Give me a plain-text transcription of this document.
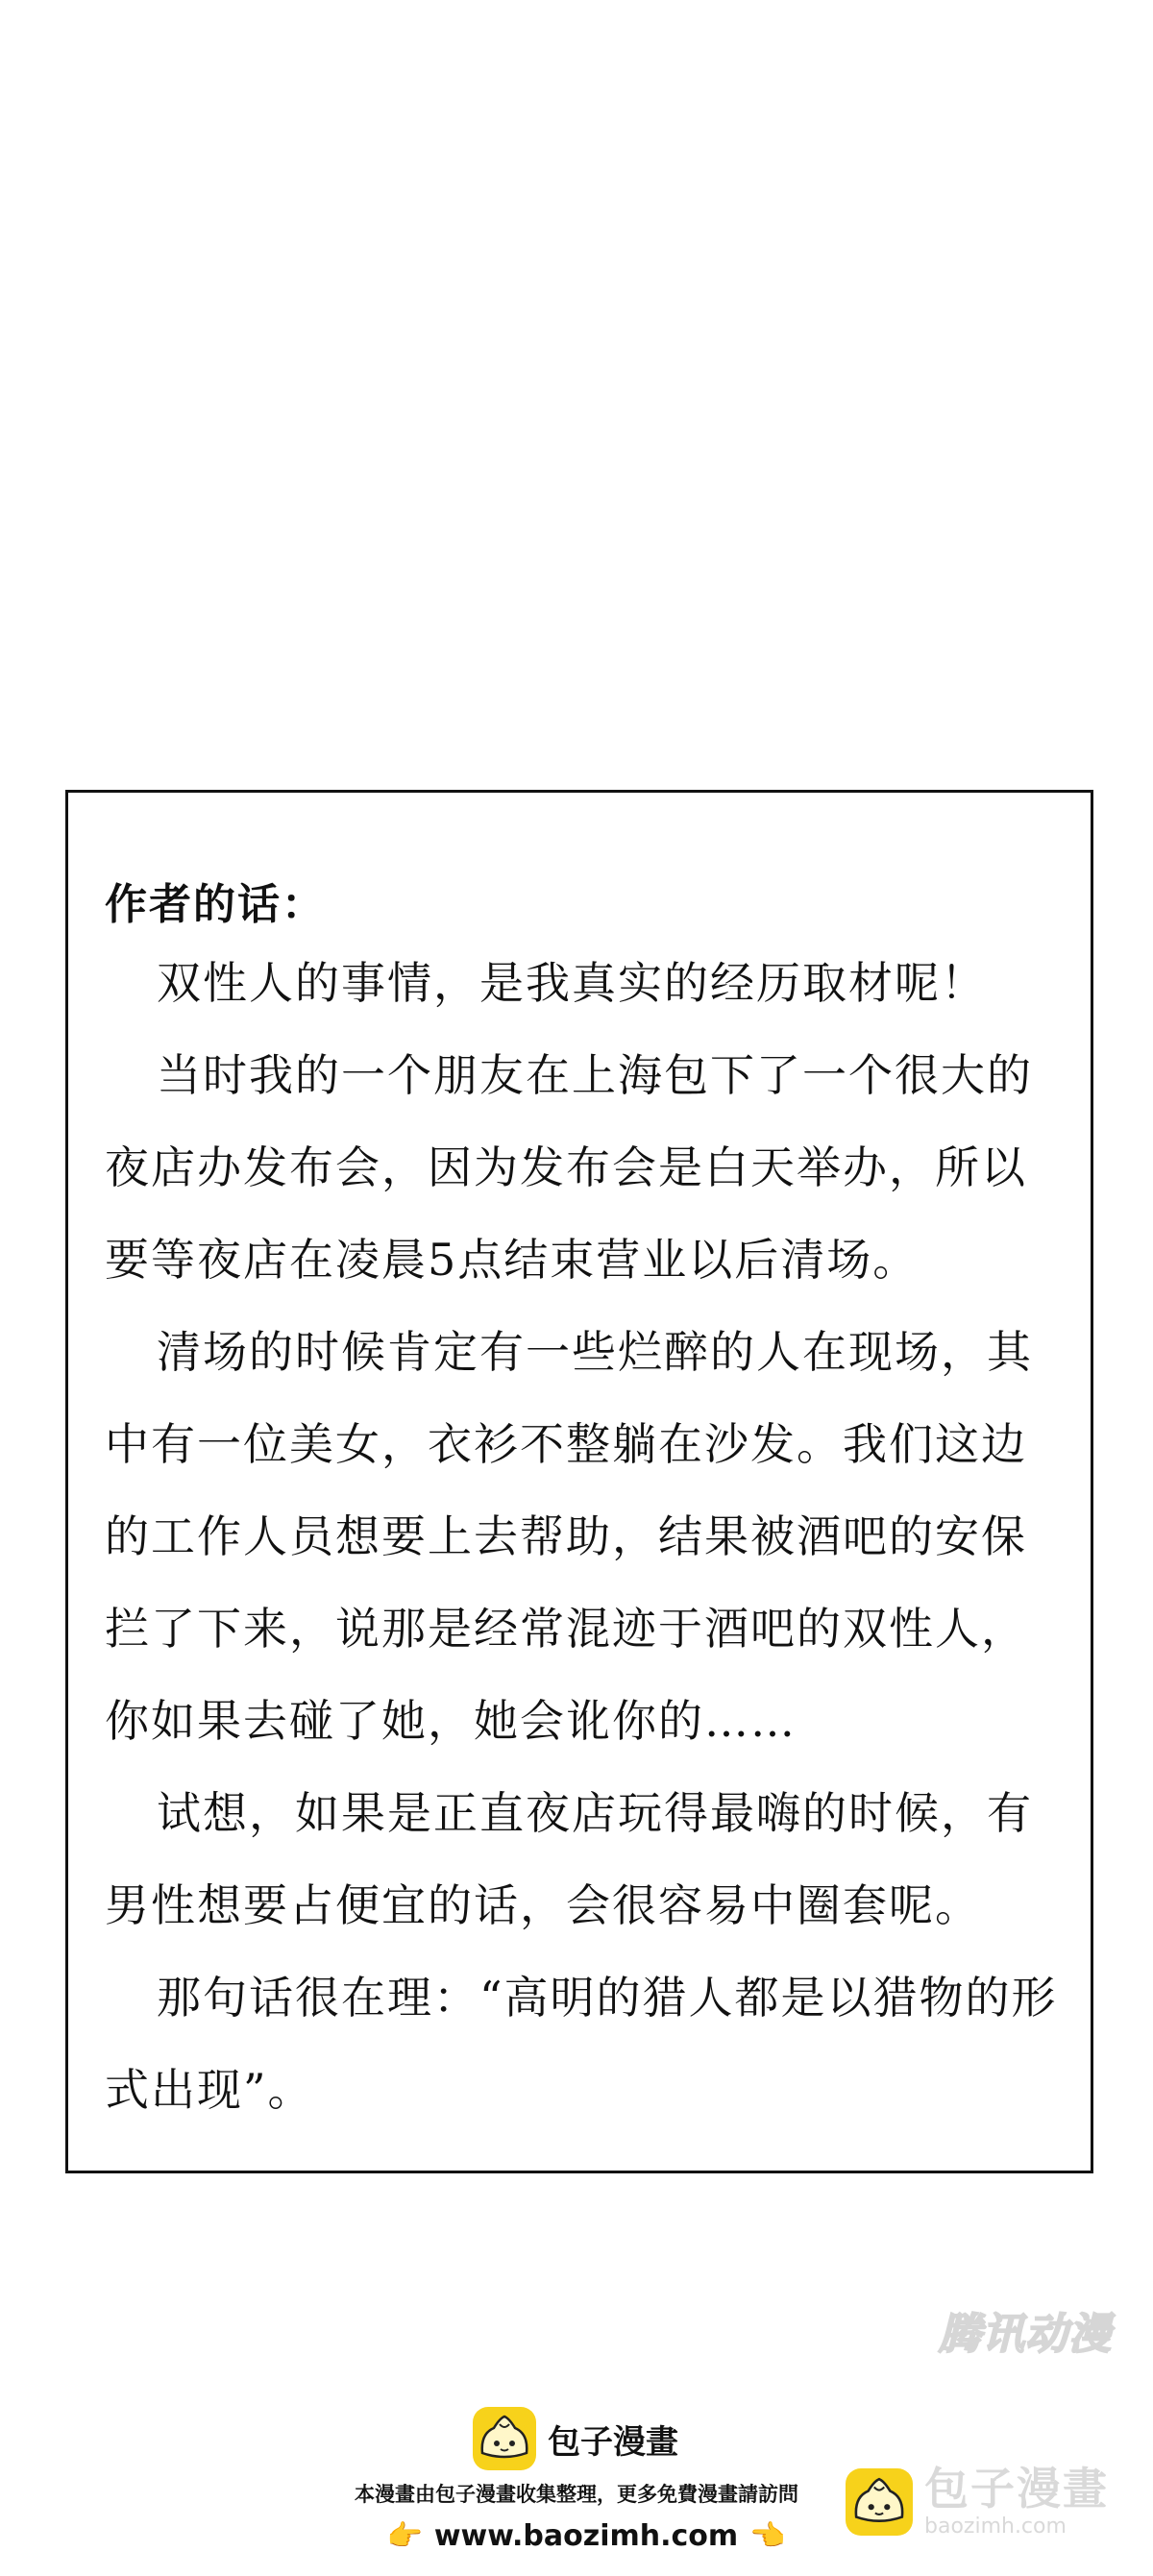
作者的话：

双性人的事情，是我真实的经历取材呢！

当时我的一个朋友在上海包下了一个很大的夜店办发布会，因为发布会是白天举办，所以要等夜店在凌晨5点结束营业以后清场。

清场的时候肯定有一些烂醉的人在现场，其中有一位美女，衣衫不整躺在沙发。我们这边的工作人员想要上去帮助，结果被酒吧的安保拦了下来，说那是经常混迹于酒吧的双性人，你如果去碰了她，她会讹你的……

试想，如果是正直夜店玩得最嗨的时候，有男性想要占便宜的话，会很容易中圈套呢。

那句话很在理：“高明的猎人都是以猎物的形式出现”。

腾讯动漫
包子漫畫
本漫畫由包子漫畫收集整理，更多免費漫畫請訪問
👉 www.baozimh.com 👈
包子漫畫
baozimh.com
